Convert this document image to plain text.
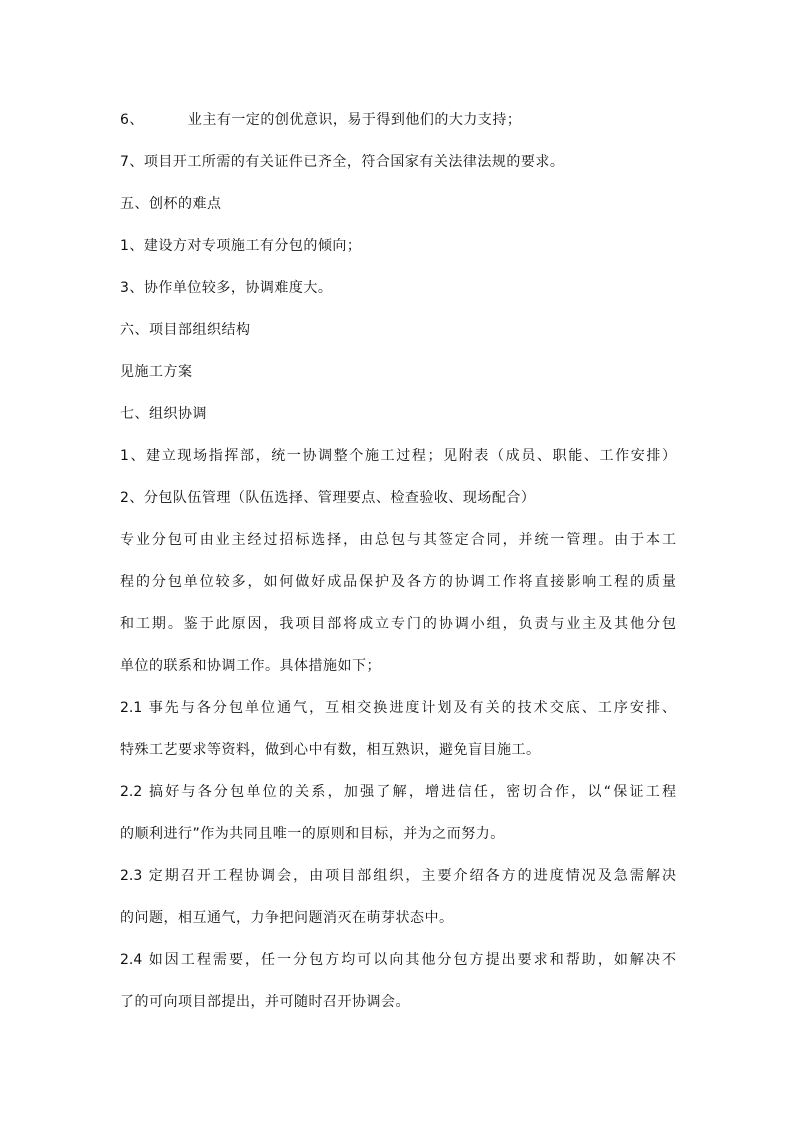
6、	业主有一定的创优意识，易于得到他们的大力支持；
7、项目开工所需的有关证件已齐全，符合国家有关法律法规的要求。
五、创杯的难点
1、建设方对专项施工有分包的倾向；
3、协作单位较多，协调难度大。
六、项目部组织结构
见施工方案
七、组织协调
1、建立现场指挥部，统一协调整个施工过程；见附表（成员、职能、工作安排）
2、分包队伍管理（队伍选择、管理要点、检查验收、现场配合）
专业分包可由业主经过招标选择，由总包与其签定合同，并统一管理。由于本工
程的分包单位较多，如何做好成品保护及各方的协调工作将直接影响工程的质量
和工期。鉴于此原因，我项目部将成立专门的协调小组，负责与业主及其他分包
单位的联系和协调工作。具体措施如下；
2.1 事先与各分包单位通气，互相交换进度计划及有关的技术交底、工序安排、
特殊工艺要求等资料，做到心中有数，相互熟识，避免盲目施工。
2.2 搞好与各分包单位的关系，加强了解，增进信任，密切合作，以“保证工程
的顺利进行”作为共同且唯一的原则和目标，并为之而努力。
2.3 定期召开工程协调会，由项目部组织，主要介绍各方的进度情况及急需解决
的问题，相互通气，力争把问题消灭在萌芽状态中。
2.4 如因工程需要，任一分包方均可以向其他分包方提出要求和帮助，如解决不
了的可向项目部提出，并可随时召开协调会。
